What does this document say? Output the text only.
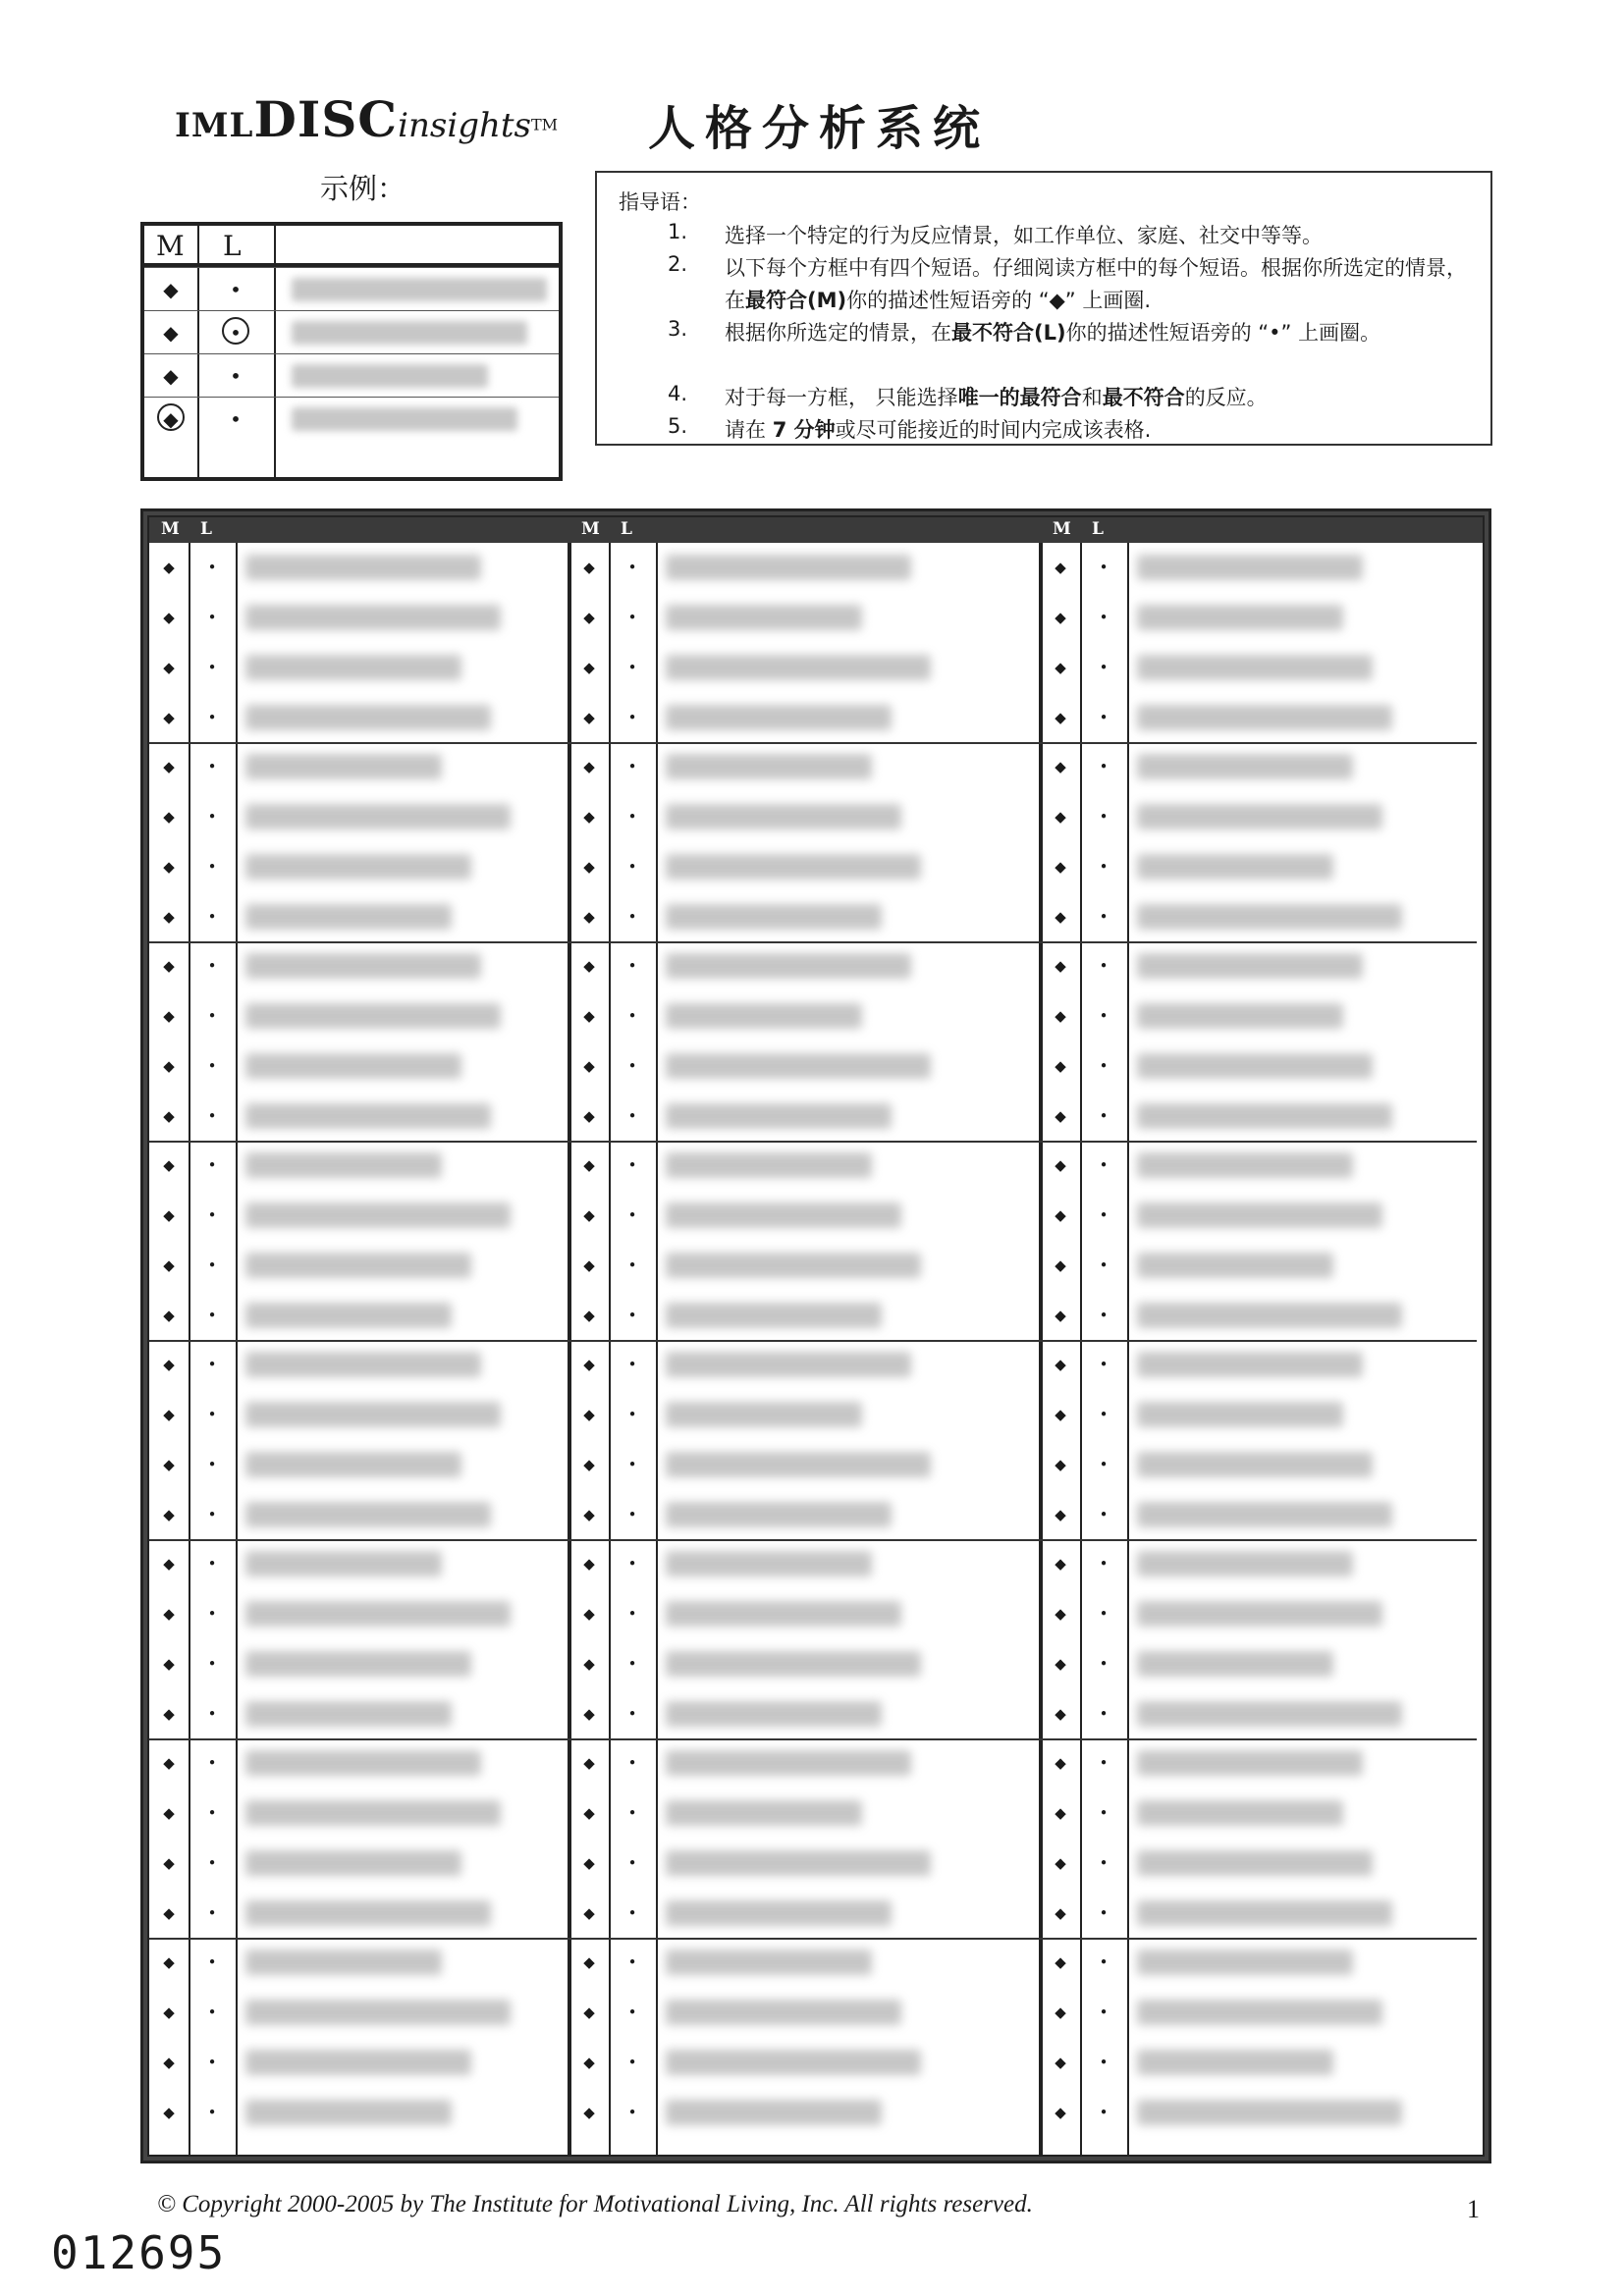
IMLDISCinsightsTM 人格分析系统
示例：
M L
◆	•
◆	•
◆	•
◆	•
指导语：
1. 选择一个特定的行为反应情景，如工作单位、家庭、社交中等等。
2. 以下每个方框中有四个短语。仔细阅读方框中的每个短语。根据你所选定的情景，在最符合(M)你的描述性短语旁的 “◆” 上画圈.
3. 根据你所选定的情景，在最不符合(L)你的描述性短语旁的 “•” 上画圈。
4. 对于每一方框， 只能选择唯一的最符合和最不符合的反应。
5. 请在 7 分钟或尽可能接近的时间内完成该表格.
M L	M L	M L
◆	•	◆	•	◆	•
◆	•	◆	•	◆	•
◆	•	◆	•	◆	•
◆	•	◆	•	◆	•
◆	•	◆	•	◆	•
◆	•	◆	•	◆	•
◆	•	◆	•	◆	•
◆	•	◆	•	◆	•
◆	•	◆	•	◆	•
◆	•	◆	•	◆	•
◆	•	◆	•	◆	•
◆	•	◆	•	◆	•
◆	•	◆	•	◆	•
◆	•	◆	•	◆	•
◆	•	◆	•	◆	•
◆	•	◆	•	◆	•
◆	•	◆	•	◆	•
◆	•	◆	•	◆	•
◆	•	◆	•	◆	•
◆	•	◆	•	◆	•
◆	•	◆	•	◆	•
◆	•	◆	•	◆	•
◆	•	◆	•	◆	•
◆	•	◆	•	◆	•
◆	•	◆	•	◆	•
◆	•	◆	•	◆	•
◆	•	◆	•	◆	•
◆	•	◆	•	◆	•
◆	•	◆	•	◆	•
◆	•	◆	•	◆	•
◆	•	◆	•	◆	•
◆	•	◆	•	◆	•
© Copyright 2000-2005 by The Institute for Motivational Living, Inc. All rights reserved.	1
012695
